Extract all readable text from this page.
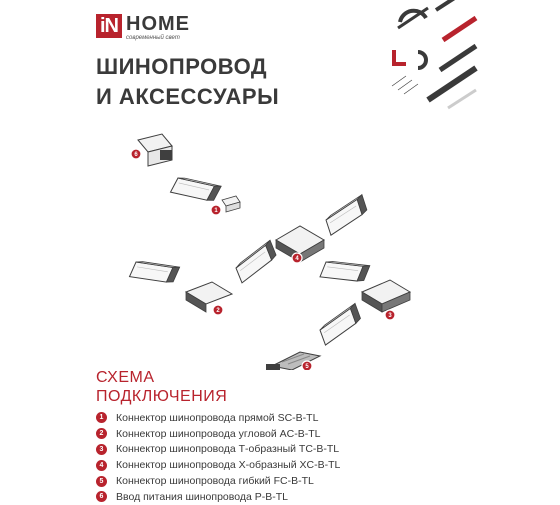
iN HOME
современный свет
ШИНОПРОВОД
И АКСЕССУАРЫ
6
1
4
2
3
5
СХЕМА
ПОДКЛЮЧЕНИЯ
1	Коннектор шинопровода прямой SC-B-TL
2	Коннектор шинопровода угловой AC-B-TL
3	Коннектор шинопровода Т-образный TC-B-TL
4	Коннектор шинопровода Х-образный XC-B-TL
5	Коннектор шинопровода гибкий FC-B-TL
6	Ввод питания шинопровода P-B-TL
